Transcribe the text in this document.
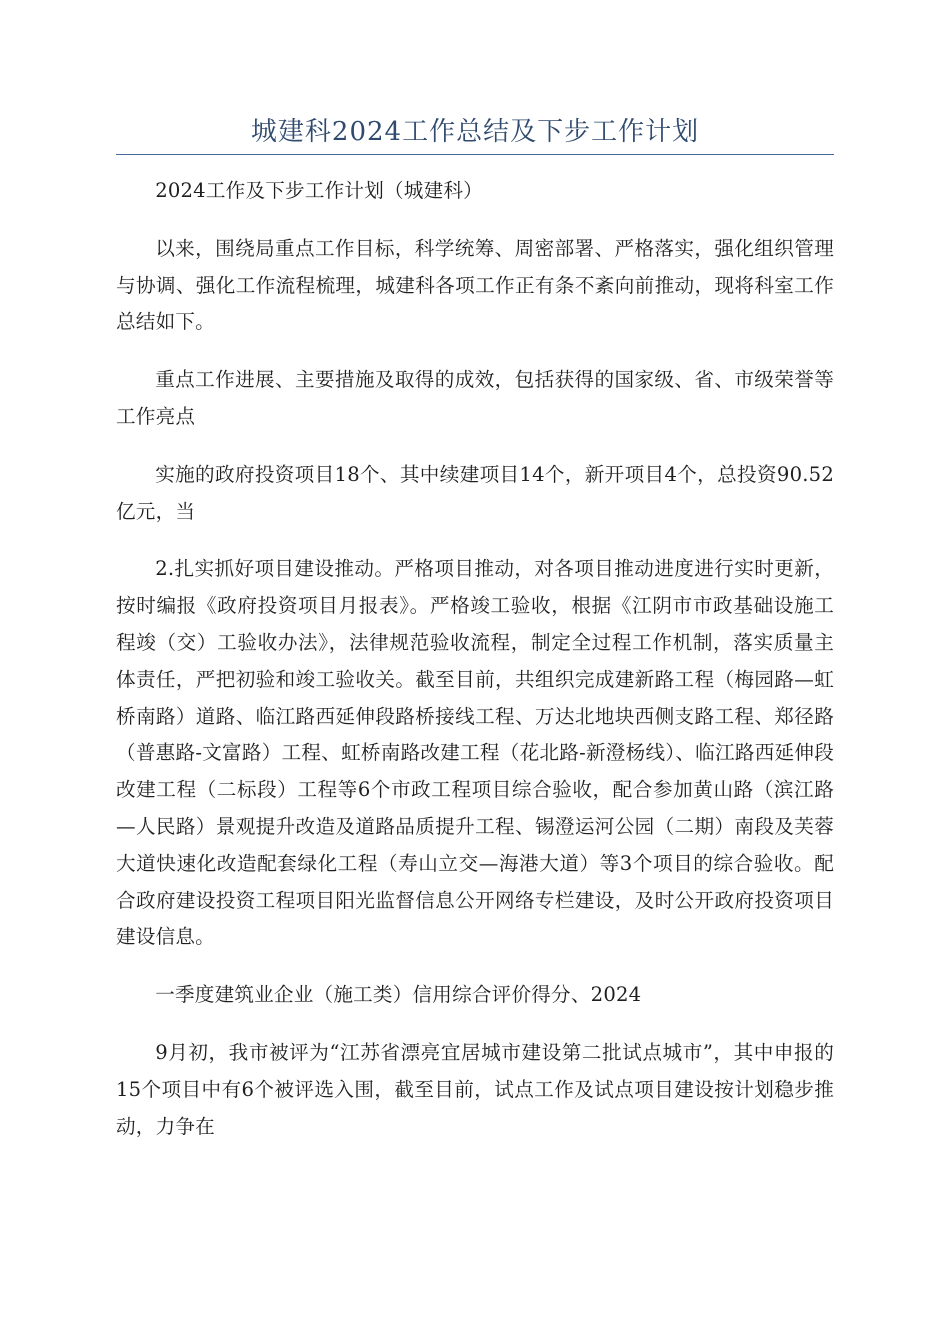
城建科2024工作总结及下步工作计划

2024工作及下步工作计划（城建科）

以来，围绕局重点工作目标，科学统筹、周密部署、严格落实，强化组织管理与协调、强化工作流程梳理，城建科各项工作正有条不紊向前推动，现将科室工作总结如下。

重点工作进展、主要措施及取得的成效，包括获得的国家级、省、市级荣誉等工作亮点

实施的政府投资项目18个、其中续建项目14个，新开项目4个，总投资90.52亿元，当

2.扎实抓好项目建设推动。严格项目推动，对各项目推动进度进行实时更新，按时编报《政府投资项目月报表》。严格竣工验收，根据《江阴市市政基础设施工程竣（交）工验收办法》，法律规范验收流程，制定全过程工作机制，落实质量主体责任，严把初验和竣工验收关。截至目前，共组织完成建新路工程（梅园路—虹桥南路）道路、临江路西延伸段路桥接线工程、万达北地块西侧支路工程、郑径路（普惠路-文富路）工程、虹桥南路改建工程（花北路-新澄杨线）、临江路西延伸段改建工程（二标段）工程等6个市政工程项目综合验收，配合参加黄山路（滨江路—人民路）景观提升改造及道路品质提升工程、锡澄运河公园（二期）南段及芙蓉大道快速化改造配套绿化工程（寿山立交—海港大道）等3个项目的综合验收。配合政府建设投资工程项目阳光监督信息公开网络专栏建设，及时公开政府投资项目建设信息。

一季度建筑业企业（施工类）信用综合评价得分、2024

9月初，我市被评为“江苏省漂亮宜居城市建设第二批试点城市”，其中申报的15个项目中有6个被评选入围，截至目前，试点工作及试点项目建设按计划稳步推动，力争在
